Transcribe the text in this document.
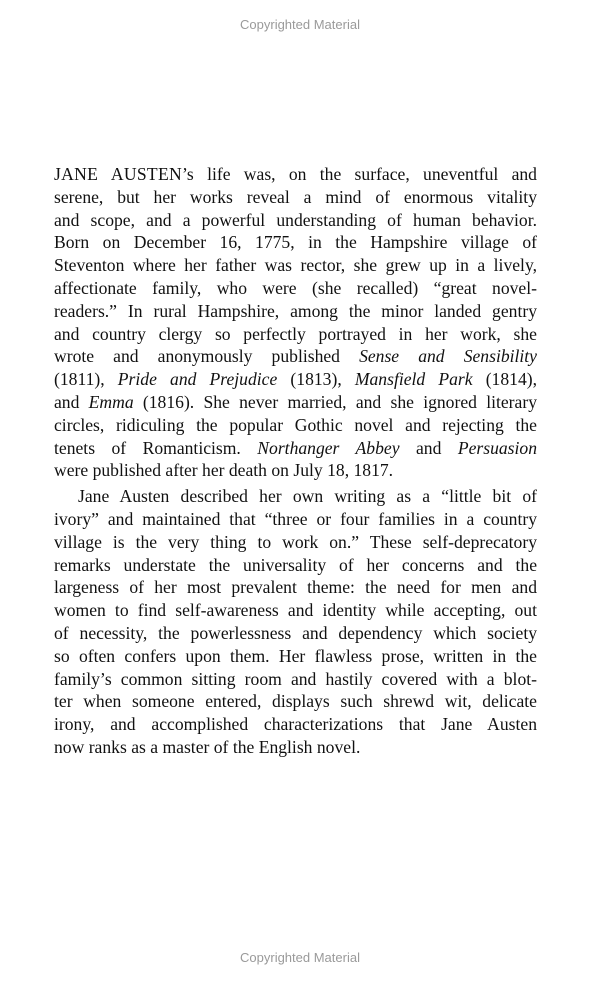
Copyrighted Material
JANE AUSTEN’s life was, on the surface, uneventful and
serene, but her works reveal a mind of enormous vitality
and scope, and a powerful understanding of human behavior.
Born on December 16, 1775, in the Hampshire village of
Steventon where her father was rector, she grew up in a lively,
affectionate family, who were (she recalled) “great novel-
readers.” In rural Hampshire, among the minor landed gentry
and country clergy so perfectly portrayed in her work, she
wrote and anonymously published Sense and Sensibility
(1811), Pride and Prejudice (1813), Mansfield Park (1814),
and Emma (1816). She never married, and she ignored literary
circles, ridiculing the popular Gothic novel and rejecting the
tenets of Romanticism. Northanger Abbey and Persuasion
were published after her death on July 18, 1817.
Jane Austen described her own writing as a “little bit of
ivory” and maintained that “three or four families in a country
village is the very thing to work on.” These self-deprecatory
remarks understate the universality of her concerns and the
largeness of her most prevalent theme: the need for men and
women to find self-awareness and identity while accepting, out
of necessity, the powerlessness and dependency which society
so often confers upon them. Her flawless prose, written in the
family’s common sitting room and hastily covered with a blot-
ter when someone entered, displays such shrewd wit, delicate
irony, and accomplished characterizations that Jane Austen
now ranks as a master of the English novel.
Copyrighted Material
